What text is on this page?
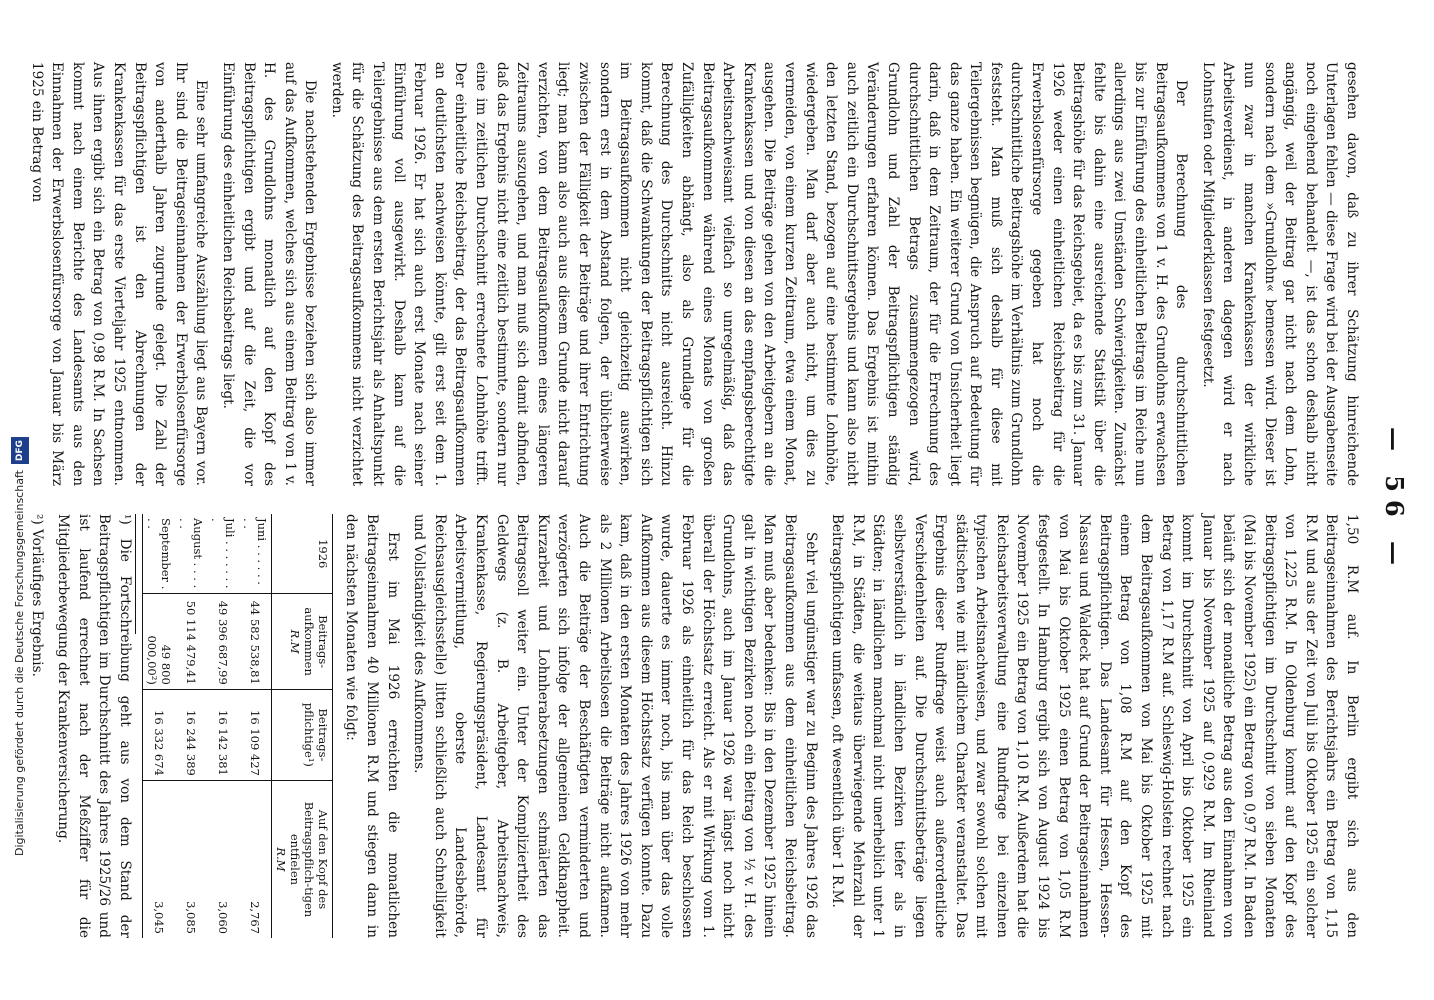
— 56 —

gesehen davon, daß zu ihrer Schätzung hinreichende Unterlagen fehlen — diese Frage wird bei der Ausgabenseite noch eingehend behandelt —, ist das schon deshalb nicht angängig, weil der Beitrag gar nicht nach dem Lohn, sondern nach dem »Grundlohn« bemessen wird. Dieser ist nun zwar in manchen Krankenkassen der wirkliche Arbeitsverdienst, in anderen dagegen wird er nach Lohnstufen oder Mitgliederklassen festgesetzt.

Der Berechnung des durchschnittlichen Beitragsaufkommens von 1 v. H. des Grundlohns erwachsen bis zur Einführung des einheitlichen Beitrags im Reiche nun allerdings aus zwei Umständen Schwierigkeiten. Zunächst fehlte bis dahin eine ausreichende Statistik über die Beitragshöhe für das Reichsgebiet, da es bis zum 31. Januar 1926 weder einen einheitlichen Reichsbeitrag für die Erwerbslosenfürsorge gegeben hat noch die durchschnittliche Beitragshöhe im Verhältnis zum Grundlohn feststeht. Man muß sich deshalb für diese mit Teilergebnissen begnügen, die Anspruch auf Bedeutung für das ganze haben. Ein weiterer Grund von Unsicherheit liegt darin, daß in dem Zeitraum, der für die Errechnung des durchschnittlichen Betrags zusammengezogen wird, Grundlohn und Zahl der Beitragspflichtigen ständig Veränderungen erfahren können. Das Ergebnis ist mithin auch zeitlich ein Durchschnittsergebnis und kann also nicht den letzten Stand, bezogen auf eine bestimmte Lohnhöhe, wiedergeben. Man darf aber auch nicht, um dies zu vermeiden, von einem kurzen Zeitraum, etwa einem Monat, ausgehen. Die Beiträge gehen von den Arbeitgebern an die Krankenkassen und von diesen an das empfangsberechtigte Arbeitsnachweisamt vielfach so unregelmäßig, daß das Beitragsaufkommen während eines Monats von großen Zufälligkeiten abhängt, also als Grundlage für die Berechnung des Durchschnitts nicht ausreicht. Hinzu kommt, daß die Schwankungen der Beitragspflichtigen sich im Beitragsaufkommen nicht gleichzeitig auswirken, sondern erst in dem Abstand folgen, der üblicherweise zwischen der Fälligkeit der Beiträge und ihrer Entrichtung liegt; man kann also auch aus diesem Grunde nicht darauf verzichten, von dem Beitragsaufkommen eines längeren Zeitraums auszugehen, und man muß sich damit abfinden, daß das Ergebnis nicht eine zeitlich bestimmte, sondern nur eine im zeitlichen Durchschnitt errechnete Lohnhöhe trifft. Der einheitliche Reichsbeitrag, der das Beitragsaufkommen an deutlichsten nachweisen könnte, gilt erst seit dem 1. Februar 1926. Er hat sich auch erst Monate nach seiner Einführung voll ausgewirkt. Deshalb kann auf die Teilergebnisse aus dem ersten Berichtsjahr als Anhaltspunkt für die Schätzung des Beitragsaufkommens nicht verzichtet werden.

Die nachstehenden Ergebnisse beziehen sich also immer auf das Aufkommen, welches sich aus einem Beitrag von 1 v. H. des Grundlohns monatlich auf den Kopf des Beitragspflichtigen ergibt und auf die Zeit, die vor Einführung des einheitlichen Reichsbeitrags liegt.

Eine sehr umfangreiche Auszählung liegt aus Bayern vor. Ihr sind die Beitragseinnahmen der Erwerbslosenfürsorge von anderthalb Jahren zugrunde gelegt. Die Zahl der Beitragspflichtigen ist den Abrechnungen der Krankenkassen für das erste Vierteljahr 1925 entnommen. Aus ihnen ergibt sich ein Betrag von 0,98 R.M. In Sachsen kommt nach einem Berichte des Landesamts aus den Einnahmen der Erwerbslosenfürsorge von Januar bis März 1925 ein Betrag von

1,50 R.M auf. In Berlin ergibt sich aus den Beitragseinnahmen des Berichtsjahrs ein Betrag von 1,15 R.M und aus der Zeit von Juli bis Oktober 1925 ein solcher von 1,225 R.M. In Oldenburg kommt auf den Kopf des Beitragspflichtigen im Durchschnitt von sieben Monaten (Mai bis November 1925) ein Betrag von 0,97 R.M. In Baden beläuft sich der monatliche Betrag aus den Einnahmen von Januar bis November 1925 auf 0,929 R.M. Im Rheinland kommt im Durchschnitt von April bis Oktober 1925 ein Betrag von 1,17 R.M auf. Schleswig-Holstein rechnet nach dem Beitragsaufkommen von Mai bis Oktober 1925 mit einem Betrag von 1,08 R.M auf den Kopf des Beitragspflichtigen. Das Landesamt für Hessen, Hessen-Nassau und Waldeck hat auf Grund der Beitragseinnahmen von Mai bis Oktober 1925 einen Betrag von 1,05 R.M festgestellt. In Hamburg ergibt sich von August 1924 bis November 1925 ein Betrag von 1,10 R.M. Außerdem hat die Reichsarbeitsverwaltung eine Rundfrage bei einzelnen typischen Arbeitsnachweisen, und zwar sowohl solchen mit städtischen wie mit ländlichem Charakter veranstaltet. Das Ergebnis dieser Rundfrage weist auch außerordentliche Verschiedenheiten auf. Die Durchschnittsbeträge liegen selbstverständlich in ländlichen Bezirken tiefer als in Städten; in ländlichen manchmal nicht unerheblich unter 1 R.M, in Städten, die weitaus überwiegende Mehrzahl der Beitragspflichtigen umfassen, oft wesentlich über 1 R.M.

Sehr viel ungünstiger war zu Beginn des Jahres 1926 das Beitragsaufkommen aus dem einheitlichen Reichsbeitrag. Man muß aber bedenken: Bis in den Dezember 1925 hinein galt in wichtigen Bezirken noch ein Beitrag von ½ v. H. des Grundlohns, auch im Januar 1926 war längst noch nicht überall der Höchstsatz erreicht. Als er mit Wirkung vom 1. Februar 1926 als einheitlich für das Reich beschlossen wurde, dauerte es immer noch, bis man über das volle Aufkommen aus diesem Höchstsatz verfügen konnte. Dazu kam, daß in den ersten Monaten des Jahres 1926 von mehr als 2 Millionen Arbeitslosen die Beiträge nicht aufkamen. Auch die Beiträge der Beschäftigten verminderten und verzögerten sich infolge der allgemeinen Geldknappheit. Kurzarbeit und Lohnherabsetzungen schmälerten das Beitragssoll weiter ein. Unter der Kompliziertheit des Geldwegs (z. B. Arbeitgeber, Arbeitsnachweis, Krankenkasse, Regierungspräsident, Landesamt für Arbeitsvermittlung, oberste Landesbehörde, Reichsausgleichsstelle) litten schließlich auch Schnelligkeit und Vollständigkeit des Aufkommens.

Erst im Mai 1926 erreichten die monatlichen Beitragseinnahmen 40 Millionen R.M und stiegen dann in den nächsten Monaten wie folgt:

1926	Beitrags-aufkommen
R.M	Beitrags-pflichtige¹)	Auf den Kopf des Beitragspflich-tigen entfielen
R.M

Juni . . . . . . . .	44 582 538,81	16 109 427	2,767
Juli . . . . . . . .	49 396 687,99	16 142 381	3,060
August . . . . . .	50 114 479,41	16 244 389	3,085
September . . .	49 800 000,00²)	16 332 674	3,045

¹) Die Fortschreibung geht aus von dem Stand der Beitragspflichtigen im Durchschnitt des Jahres 1925/26 und ist laufend errechnet nach der Meßziffer für die Mitgliederbewegung der Krankenversicherung.

²) Vorläufiges Ergebnis.

Digitalisierung gefördert durch die Deutsche Forschungsgemeinschaft
DFG
